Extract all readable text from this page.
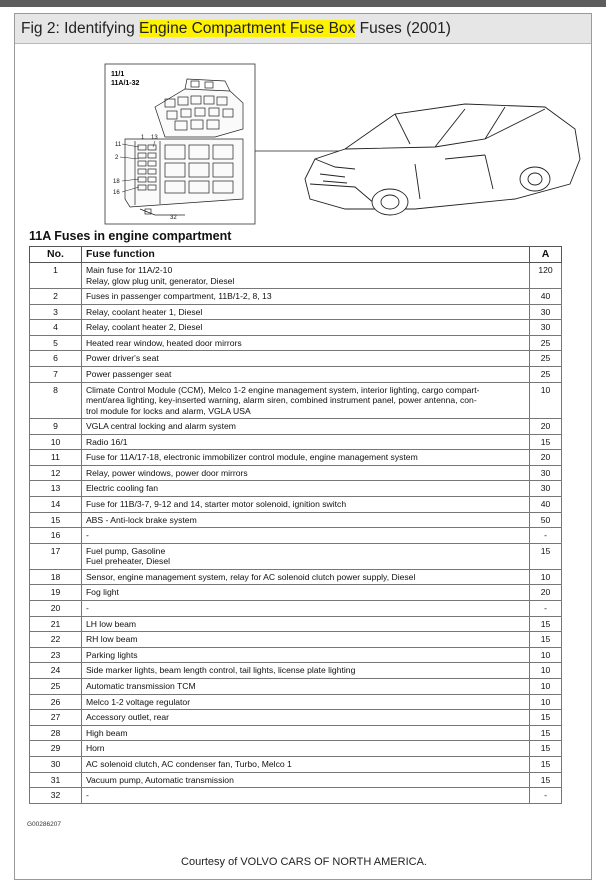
Fig 2: Identifying Engine Compartment Fuse Box Fuses (2001)
11/1
11A/1-32
11
13
2
1
18
16
32
11A Fuses in engine compartment
No.	Fuse function	A
1	Main fuse for 11A/2-10
Relay, glow plug unit, generator, Diesel	120
2	Fuses in passenger compartment, 11B/1-2, 8, 13	40
3	Relay, coolant heater 1, Diesel	30
4	Relay, coolant heater 2, Diesel	30
5	Heated rear window, heated door mirrors	25
6	Power driver's seat	25
7	Power passenger seat	25
8	Climate Control Module (CCM), Melco 1-2 engine management system, interior lighting, cargo compart-
ment/area lighting, key-inserted warning, alarm siren, combined instrument panel, power antenna, con-
trol module for locks and alarm, VGLA USA	10
9	VGLA central locking and alarm system	20
10	Radio 16/1	15
11	Fuse for 11A/17-18, electronic immobilizer control module, engine management system	20
12	Relay, power windows, power door mirrors	30
13	Electric cooling fan	30
14	Fuse for 11B/3-7, 9-12 and 14, starter motor solenoid, ignition switch	40
15	ABS - Anti-lock brake system	50
16	-	-
17	Fuel pump, Gasoline
Fuel preheater, Diesel	15
18	Sensor, engine management system, relay for AC solenoid clutch power supply, Diesel	10
19	Fog light	20
20	-	-
21	LH low beam	15
22	RH low beam	15
23	Parking lights	10
24	Side marker lights, beam length control, tail lights, license plate lighting	10
25	Automatic transmission TCM	10
26	Melco 1-2 voltage regulator	10
27	Accessory outlet, rear	15
28	High beam	15
29	Horn	15
30	AC solenoid clutch, AC condenser fan, Turbo, Melco 1	15
31	Vacuum pump, Automatic transmission	15
32	-	-
G00286207
Courtesy of VOLVO CARS OF NORTH AMERICA.
